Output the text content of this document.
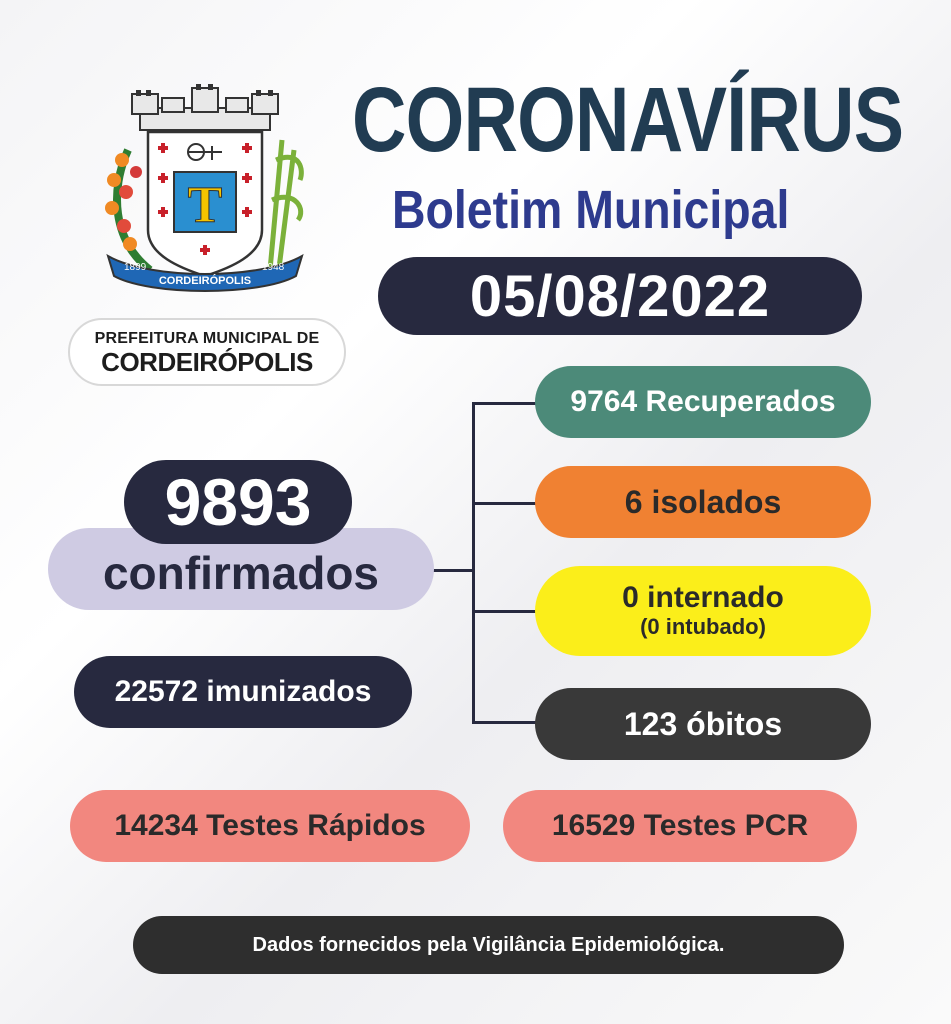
T
1899
CORDEIRÓPOLIS
1948
PREFEITURA MUNICIPAL DE
CORDEIRÓPOLIS
CORONAVÍRUS
Boletim Municipal
05/08/2022
9893
confirmados
22572 imunizados
9764 Recuperados
6 isolados
0 internado
(0 intubado)
123 óbitos
14234 Testes Rápidos	16529 Testes PCR
Dados fornecidos pela Vigilância Epidemiológica.
